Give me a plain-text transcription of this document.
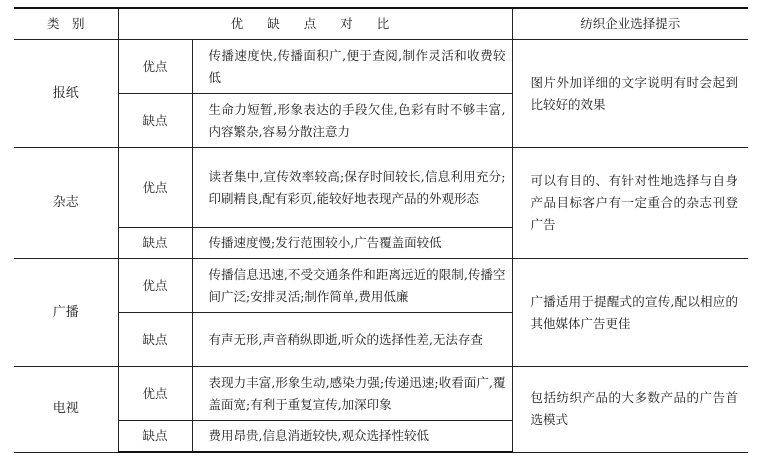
类　别	优 缺 点 对 比		纺织企业选择提示
报纸	优点	传播速度快,传播面积广,便于查阅,制作灵活和收费较低	图片外加详细的文字说明有时会起到比较好的效果
	缺点	生命力短暂,形象表达的手段欠佳,色彩有时不够丰富,内容繁杂,容易分散注意力	
杂志	优点	读者集中,宣传效率较高;保存时间较长,信息利用充分;印刷精良,配有彩页,能较好地表现产品的外观形态	可以有目的、有针对性地选择与自身产品目标客户有一定重合的杂志刊登广告
	缺点	传播速度慢;发行范围较小,广告覆盖面较低	
广播	优点	传播信息迅速,不受交通条件和距离远近的限制,传播空间广泛;安排灵活;制作简单,费用低廉	广播适用于提醒式的宣传,配以相应的其他媒体广告更佳
	缺点	有声无形,声音稍纵即逝,听众的选择性差,无法存查	
电视	优点	表现力丰富,形象生动,感染力强;传递迅速;收看面广,覆盖面宽;有利于重复宣传,加深印象	包括纺织产品的大多数产品的广告首选模式
	缺点	费用昂贵,信息消逝较快,观众选择性较低	
